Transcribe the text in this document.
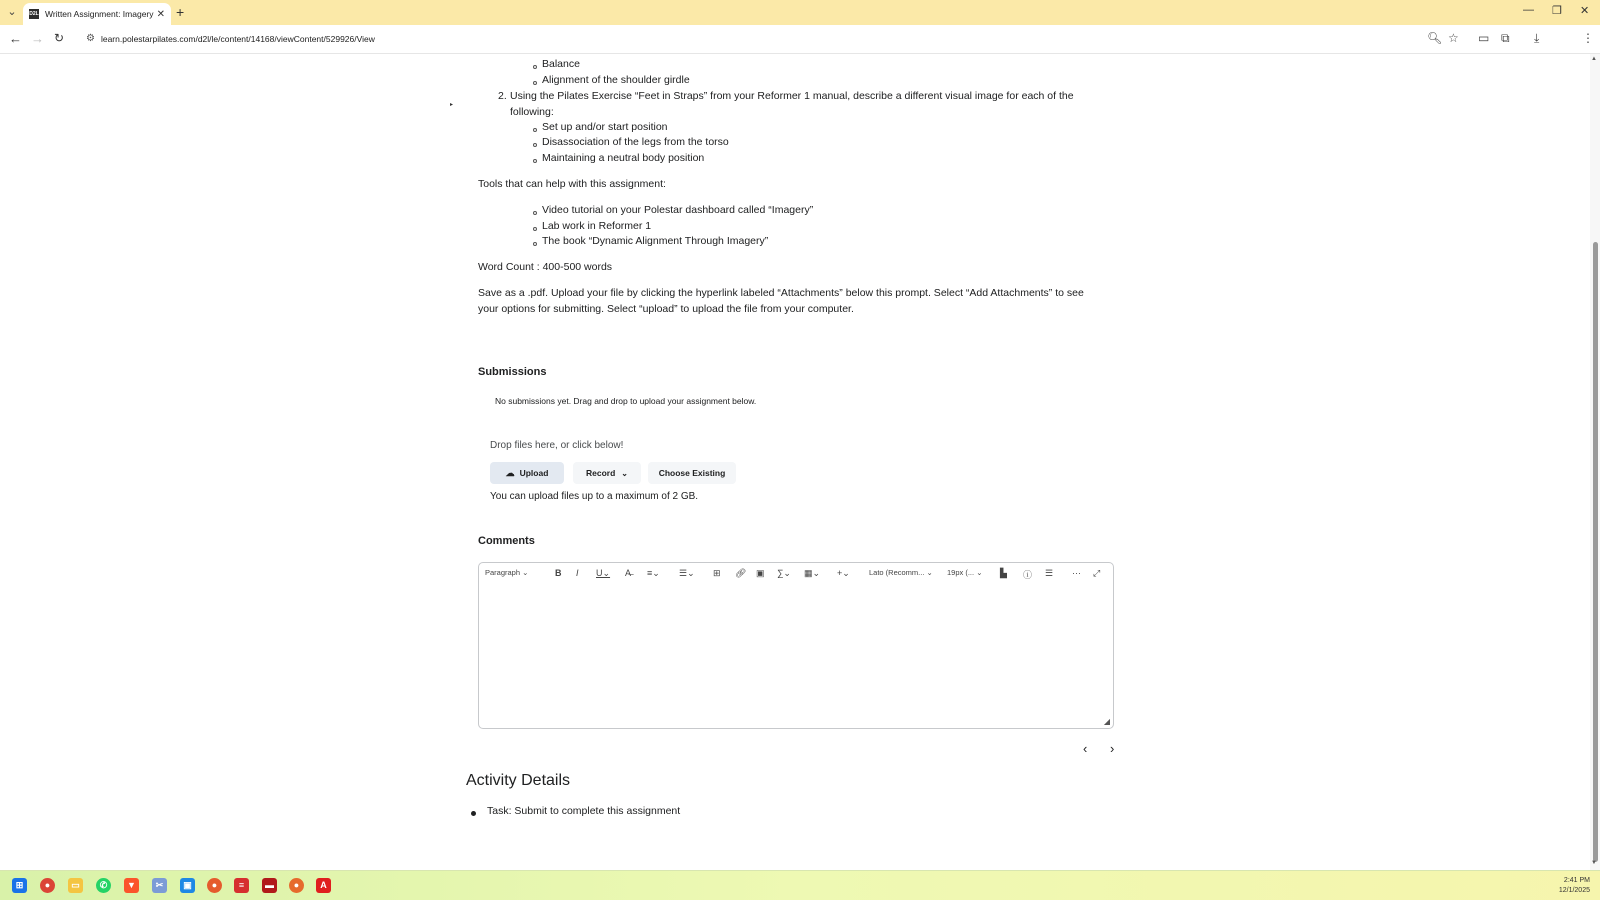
⌄	D2L Written Assignment: Imagery ✕ +	— ❐ ✕
← → ↻ ⚙ learn.polestarpilates.com/d2l/le/content/14168/viewContent/529926/View	🔍︎ ☆ ▭ ⧉ ⤓	⋮
▸
Balance
Alignment of the shoulder girdle
2. Using the Pilates Exercise “Feet in Straps” from your Reformer 1 manual, describe a different visual image for each of the
following:
Set up and/or start position
Disassociation of the legs from the torso
Maintaining a neutral body position
Tools that can help with this assignment:
Video tutorial on your Polestar dashboard called “Imagery”
Lab work in Reformer 1
The book “Dynamic Alignment Through Imagery”
Word Count : 400-500 words
Save as a .pdf. Upload your file by clicking the hyperlink labeled “Attachments” below this prompt. Select “Add Attachments” to see
your options for submitting. Select “upload” to upload the file from your computer.
Submissions
No submissions yet. Drag and drop to upload your assignment below.
Drop files here, or click below!
☁ Upload	Record ⌄	Choose Existing
You can upload files up to a maximum of 2 GB.
Comments
Paragraph ⌄	B I U⌄ A̶ ≡⌄ ☰⌄ ⊞ 🔗︎ ▣ ∑⌄ ▦⌄ +⌄	Lato (Recomm... ⌄ 19px (... ⌄ ▙ ⓘ ☰ ··· ⤢
◢
‹ ›
Activity Details
Task: Submit to complete this assignment
▲
▼
⊞	●	▭	✆	▼	✂	▣	●	≡	▬	●	A	2:41 PM
12/1/2025
